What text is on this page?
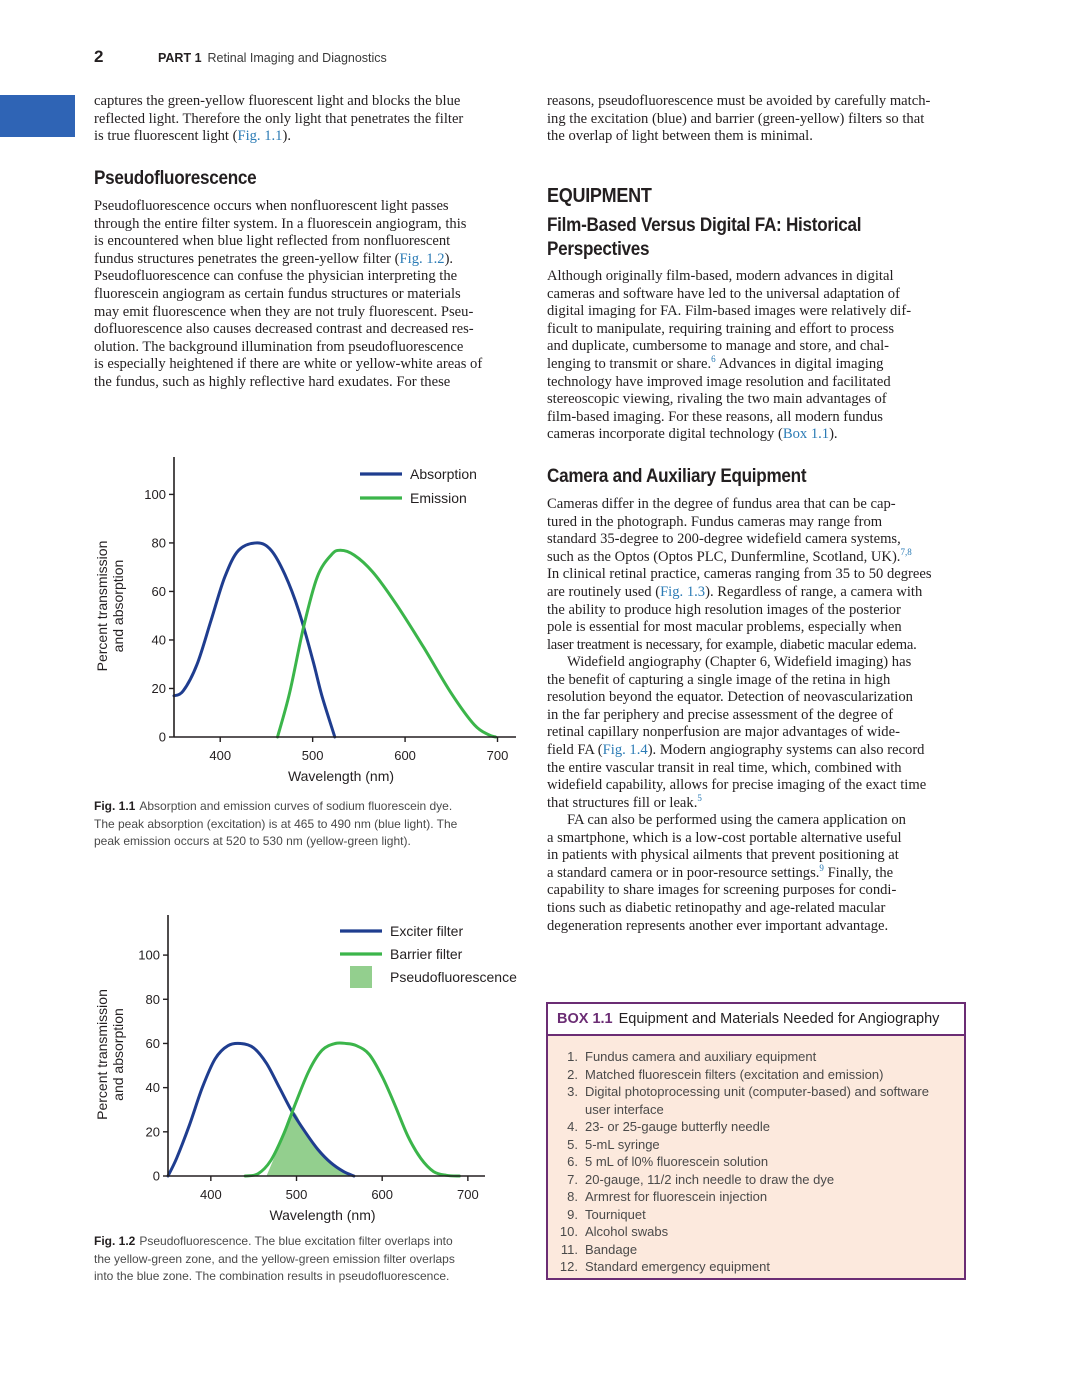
2	PART 1 Retinal Imaging and Diagnostics
captures the green-yellow fluorescent light and blocks the blue
reflected light. Therefore the only light that penetrates the filter
is true fluorescent light (Fig. 1.1).
Pseudofluorescence
Pseudofluorescence occurs when nonfluorescent light passes
through the entire filter system. In a fluorescein angiogram, this
is encountered when blue light reflected from nonfluorescent
fundus structures penetrates the green-yellow filter (Fig. 1.2).
Pseudofluorescence can confuse the physician interpreting the
fluorescein angiogram as certain fundus structures or materials
may emit fluorescence when they are not truly fluorescent. Pseu-
dofluorescence also causes decreased contrast and decreased res-
olution. The background illumination from pseudofluorescence
is especially heightened if there are white or yellow-white areas of
the fundus, such as highly reflective hard exudates. For these
0
20
40
60
80
100
400	500	600	700
Wavelength (nm)
Percent transmission and absorption
Absorption
Emission
Fig. 1.1 Absorption and emission curves of sodium fluorescein dye.
The peak absorption (excitation) is at 465 to 490 nm (blue light). The
peak emission occurs at 520 to 530 nm (yellow-green light).
0
20
40
60
80
100
400	500	600	700
Wavelength (nm)
Percent transmission and absorption
Exciter filter
Barrier filter
Pseudofluorescence
Fig. 1.2 Pseudofluorescence. The blue excitation filter overlaps into
the yellow-green zone, and the yellow-green emission filter overlaps
into the blue zone. The combination results in pseudofluorescence.
reasons, pseudofluorescence must be avoided by carefully match-
ing the excitation (blue) and barrier (green-yellow) filters so that
the overlap of light between them is minimal.
EQUIPMENT
Film-Based Versus Digital FA: Historical
Perspectives
Although originally film-based, modern advances in digital
cameras and software have led to the universal adaptation of
digital imaging for FA. Film-based images were relatively dif-
ficult to manipulate, requiring training and effort to process
and duplicate, cumbersome to manage and store, and chal-
lenging to transmit or share.$^6$ Advances in digital imaging
technology have improved image resolution and facilitated
stereoscopic viewing, rivaling the two main advantages of
film-based imaging. For these reasons, all modern fundus
cameras incorporate digital technology (Box 1.1).
Camera and Auxiliary Equipment
Cameras differ in the degree of fundus area that can be cap-
tured in the photograph. Fundus cameras may range from
standard 35-degree to 200-degree widefield camera systems,
such as the Optos (Optos PLC, Dunfermline, Scotland, UK).$^{7,8}$
In clinical retinal practice, cameras ranging from 35 to 50 degrees
are routinely used (Fig. 1.3). Regardless of range, a camera with
the ability to produce high resolution images of the posterior
pole is essential for most macular problems, especially when
laser treatment is necessary, for example, diabetic macular edema.
Widefield angiography (Chapter 6, Widefield imaging) has
the benefit of capturing a single image of the retina in high
resolution beyond the equator. Detection of neovascularization
in the far periphery and precise assessment of the degree of
retinal capillary nonperfusion are major advantages of wide-
field FA (Fig. 1.4). Modern angiography systems can also record
the entire vascular transit in real time, which, combined with
widefield capability, allows for precise imaging of the exact time
that structures fill or leak.$^5$
FA can also be performed using the camera application on
a smartphone, which is a low-cost portable alternative useful
in patients with physical ailments that prevent positioning at
a standard camera or in poor-resource settings.$^9$ Finally, the
capability to share images for screening purposes for condi-
tions such as diabetic retinopathy and age-related macular
degeneration represents another ever important advantage.
BOX 1.1 Equipment and Materials Needed for Angiography
1. Fundus camera and auxiliary equipment
2. Matched fluorescein filters (excitation and emission)
3. Digital photoprocessing unit (computer-based) and software
user interface
4. 23- or 25-gauge butterfly needle
5. 5-mL syringe
6. 5 mL of l0% fluorescein solution
7. 20-gauge, 11/2 inch needle to draw the dye
8. Armrest for fluorescein injection
9. Tourniquet
10. Alcohol swabs
11. Bandage
12. Standard emergency equipment
